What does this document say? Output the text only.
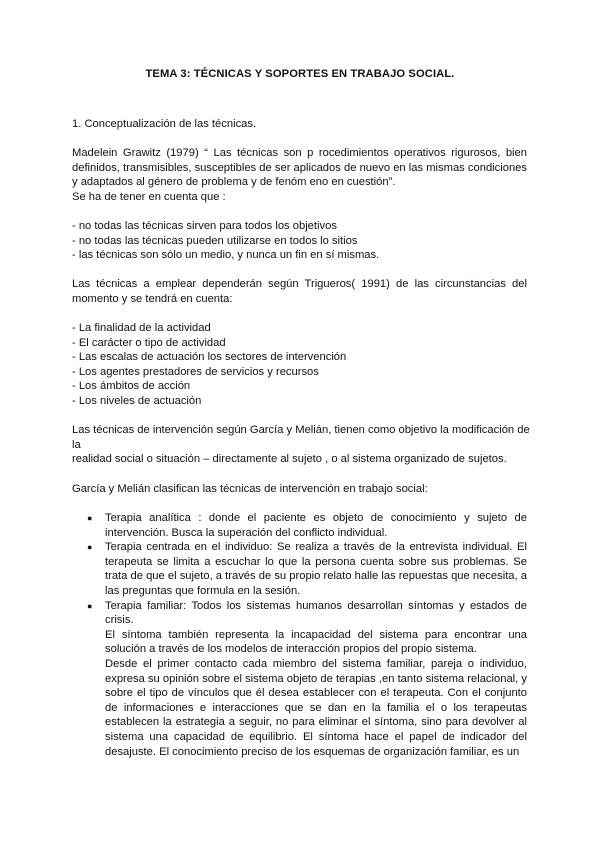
TEMA 3: TÉCNICAS Y SOPORTES EN TRABAJO SOCIAL.
1. Conceptualización de las técnicas.

Madelein Grawitz (1979) “ Las técnicas son p rocedimientos operativos rigurosos, bien definidos, transmisibles, susceptibles de ser aplicados de nuevo en las mismas condiciones y adaptados al género de problema y de fenóm eno en cuestión”.

Se ha de tener en cuenta que :

- no todas las técnicas sirven para todos los objetivos
- no todas las técnicas pueden utilizarse en todos lo sitios
- las técnicas son sólo un medio, y nunca un fin en sí mismas.

Las técnicas a emplear dependerán según Trigueros( 1991) de las circunstancias del momento y se tendrá en cuenta:

- La finalidad de la actividad
- El carácter o tipo de actividad
- Las escalas de actuación los sectores de intervención
- Los agentes prestadores de servicios y recursos
- Los ámbitos de acción
- Los niveles de actuación
Las técnicas de intervención según García y Melián, tienen como objetivo la modificación de
la
realidad social o situación – directamente al sujeto , o al sistema organizado de sujetos.

García y Melián clasifican las técnicas de intervención en trabajo social:

● Terapia analítica : donde el paciente es objeto de conocimiento y sujeto de intervención. Busca la superación del conflicto individual.

● Terapia centrada en el individuo: Se realiza a través de la entrevista individual. El terapeuta se limita a escuchar lo que la persona cuenta sobre sus problemas. Se trata de que el sujeto, a través de su propio relato halle las repuestas que necesita, a las preguntas que formula en la sesión.

● Terapia familiar: Todos los sistemas humanos desarrollan síntomas y estados de crisis.

El síntoma también representa la incapacidad del sistema para encontrar una solución a través de los modelos de interacción propios del propio sistema.

Desde el primer contacto cada miembro del sistema familiar, pareja o individuo, expresa su opinión sobre el sistema objeto de terapias ,en tanto sistema relacional, y sobre el tipo de vínculos que él desea establecer con el terapeuta. Con el conjunto de informaciones e interacciones que se dan en la familia el o los terapeutas establecen la estrategia a seguir, no para eliminar el síntoma, sino para devolver al sistema una capacidad de equilibrio. El síntoma hace el papel de indicador del desajuste. El conocimiento preciso de los esquemas de organización familiar, es un
